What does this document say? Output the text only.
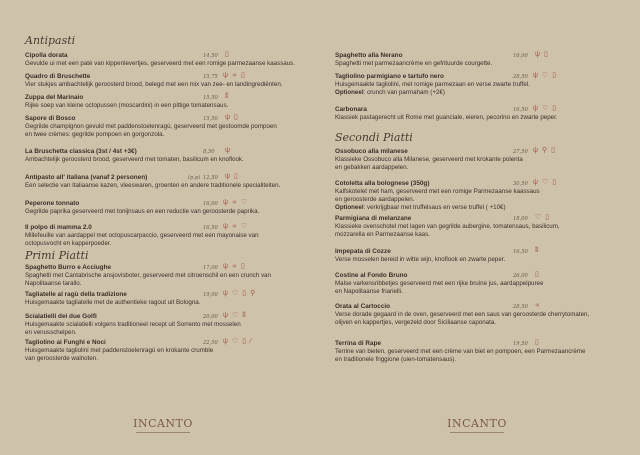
Antipasti
Cipolla dorata	14,50 ▯
Gevulde ui met een paté van kippenlevertjes, geserveerd met een romige parmezaanse kaassaus.
Quadro di Bruschette	15,75 ψ ∝ ▯
Vier stukjes ambachtelijk geroosterd brood, belegd met een mix van zee- en landingrediënten.
Zuppa del Marinaio	15,50 ʬ
Rijke soep van kleine octopussen (moscardini) in een pittige tomatensaus.
Sapore di Bosco	15,50 ψ ▯
Gegrilde champignon gevuld met paddenstoelenragù, geserveerd met gestoomde pompoen
en twee crèmes: gegrilde pompoen en gorgonzola.
La Bruschetta classica (3st / 4st +3€)	8,50 ψ
Ambachtelijk geroosterd brood, geserveerd met tomaten, basilicum en knoflook.
Antipasto all' italiana (vanaf 2 personen)	(p.p) 12,50 ψ ▯
Een selectie van Italiaanse kazen, vleeswaren, groenten en andere traditionele specialiteiten.
Peperone tonnato	16,00 ψ ∝ ♡
Gegrilde paprika geserveerd met tonijnsaus en een reductie van geroosterde paprika.
Il polpo di mamma 2.0	16,50 ψ ∝ ♡
Millefeuille van aardappel met octopuscarpaccio, geserveerd met een mayonaise van
octopusvocht en kapperpoeder.
Primi Piatti
Spaghetto Burro e Acciughe	17,00 ψ ∝ ▯
Spaghetti met Cantabrische ansjovisboter, geserveerd met citroenschil en een crunch van
Napolitaanse tarallo.
Tagliatelle al ragù della tradizione	19,00 ψ ♡ ▯ ⚲
Huisgemaakte tagliatelle met de authentieke ragout uit Bologna.
Scialatielli dei due Golfi	20,00 ψ ♡ ʬ
Huisgemaakte scialatielli volgens traditioneel recept uit Sorrento met mosselen
en venusschelpen.
Tagliolino ai Funghi e Noci	22,50 ψ ♡ ▯ ∕
Huisgemaakte tagliolini met paddenstoelenragù en krokante crumble
van geroosterde walnoten.
Spaghetto alla Nerano	16,00 ψ ▯
Spaghetti met parmezaancrème en gefrituurde courgette.
Tagliolino parmigiano e tartufo nero	28,50 ψ ♡ ▯
Huisgemaakte tagliolini, met romige parmezaan en verse zwarte truffel.
Optioneel: crunch van parmaham (+2€)
Carbonara	16,50 ψ ♡ ▯
Klassiek pastagerecht uit Rome met guanciale, eieren, pecorino en zwarte peper.
Secondi Piatti
Ossobuco alla milanese	27,50 ψ ⚲ ▯
Klassieke Ossobuco alla Milanese, geserveerd met krokante polenta
en gebakken aardappelen.
Cotoletta alla bolognese (350g)	30,50 ψ ♡ ▯
Kalfskotelet met ham, geserveerd met een romige Parmezaanse kaassaus
en geroosterde aardappelen.
Optioneel: verkrijgbaar met truffelsaus en verse truffel ( +10€)
Parmigiana di melanzane	18,00 ♡ ▯
Klassieke ovenschotel met lagen van gegrilde aubergine, tomatensaus, basilicum,
mozzarella en Parmezaanse kaas.
Impepata di Cozze	16,50 ʬ
Verse mosselen bereid in witte wijn, knoflook en zwarte peper.
Costine al Fondo Bruno	26,00 ▯
Malse varkensribbetjes geserveerd met een rijke bruine jus, aardappelpuree
en Napolitaanse friarielli.
Orata al Cartoccio	28,50 ∝
Verse dorade gegaard in de oven, geserveerd met een saus van geroosterde cherrytomaten,
olijven en kappertjes, vergezeld door Siciliaanse caponata.
Terrina di Rape	19,50 ▯
Terrine van bieten, geserveerd met een crème van biet en pompoen, een Parmezaancrème
en traditionele friggione (uien-tomatensaus).
INCANTO	INCANTO
